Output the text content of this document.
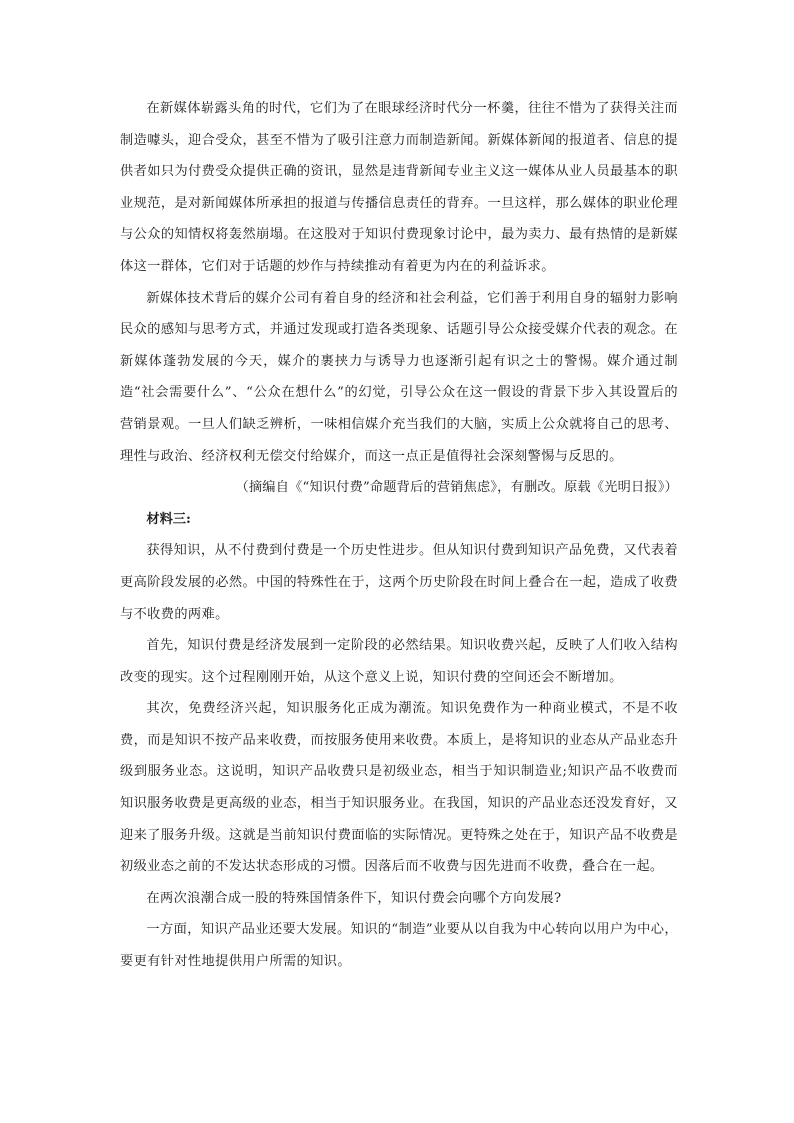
在新媒体崭露头角的时代，它们为了在眼球经济时代分一杯羹，往往不惜为了获得关注而制造噱头，迎合受众，甚至不惜为了吸引注意力而制造新闻。新媒体新闻的报道者、信息的提供者如只为付费受众提供正确的资讯，显然是违背新闻专业主义这一媒体从业人员最基本的职业规范，是对新闻媒体所承担的报道与传播信息责任的背弃。一旦这样，那么媒体的职业伦理与公众的知情权将轰然崩塌。在这股对于知识付费现象讨论中，最为卖力、最有热情的是新媒体这一群体，它们对于话题的炒作与持续推动有着更为内在的利益诉求。

新媒体技术背后的媒介公司有着自身的经济和社会利益，它们善于利用自身的辐射力影响民众的感知与思考方式，并通过发现或打造各类现象、话题引导公众接受媒介代表的观念。在新媒体蓬勃发展的今天，媒介的裹挟力与诱导力也逐渐引起有识之士的警惕。媒介通过制造“社会需要什么”、“公众在想什么”的幻觉，引导公众在这一假设的背景下步入其设置后的营销景观。一旦人们缺乏辨析，一味相信媒介充当我们的大脑，实质上公众就将自己的思考、理性与政治、经济权利无偿交付给媒介，而这一点正是值得社会深刻警惕与反思的。

（摘编自《“知识付费”命题背后的营销焦虑》，有删改。原载《光明日报》）

材料三:

获得知识，从不付费到付费是一个历史性进步。但从知识付费到知识产品免费，又代表着更高阶段发展的必然。中国的特殊性在于，这两个历史阶段在时间上叠合在一起，造成了收费与不收费的两难。

首先，知识付费是经济发展到一定阶段的必然结果。知识收费兴起，反映了人们收入结构改变的现实。这个过程刚刚开始，从这个意义上说，知识付费的空间还会不断增加。

其次，免费经济兴起，知识服务化正成为潮流。知识免费作为一种商业模式，不是不收费，而是知识不按产品来收费，而按服务使用来收费。本质上，是将知识的业态从产品业态升级到服务业态。这说明，知识产品收费只是初级业态，相当于知识制造业;知识产品不收费而知识服务收费是更高级的业态，相当于知识服务业。在我国，知识的产品业态还没发育好，又迎来了服务升级。这就是当前知识付费面临的实际情况。更特殊之处在于，知识产品不收费是初级业态之前的不发达状态形成的习惯。因落后而不收费与因先进而不收费，叠合在一起。

在两次浪潮合成一股的特殊国情条件下，知识付费会向哪个方向发展?

一方面，知识产品业还要大发展。知识的“制造”业要从以自我为中心转向以用户为中心，要更有针对性地提供用户所需的知识。
